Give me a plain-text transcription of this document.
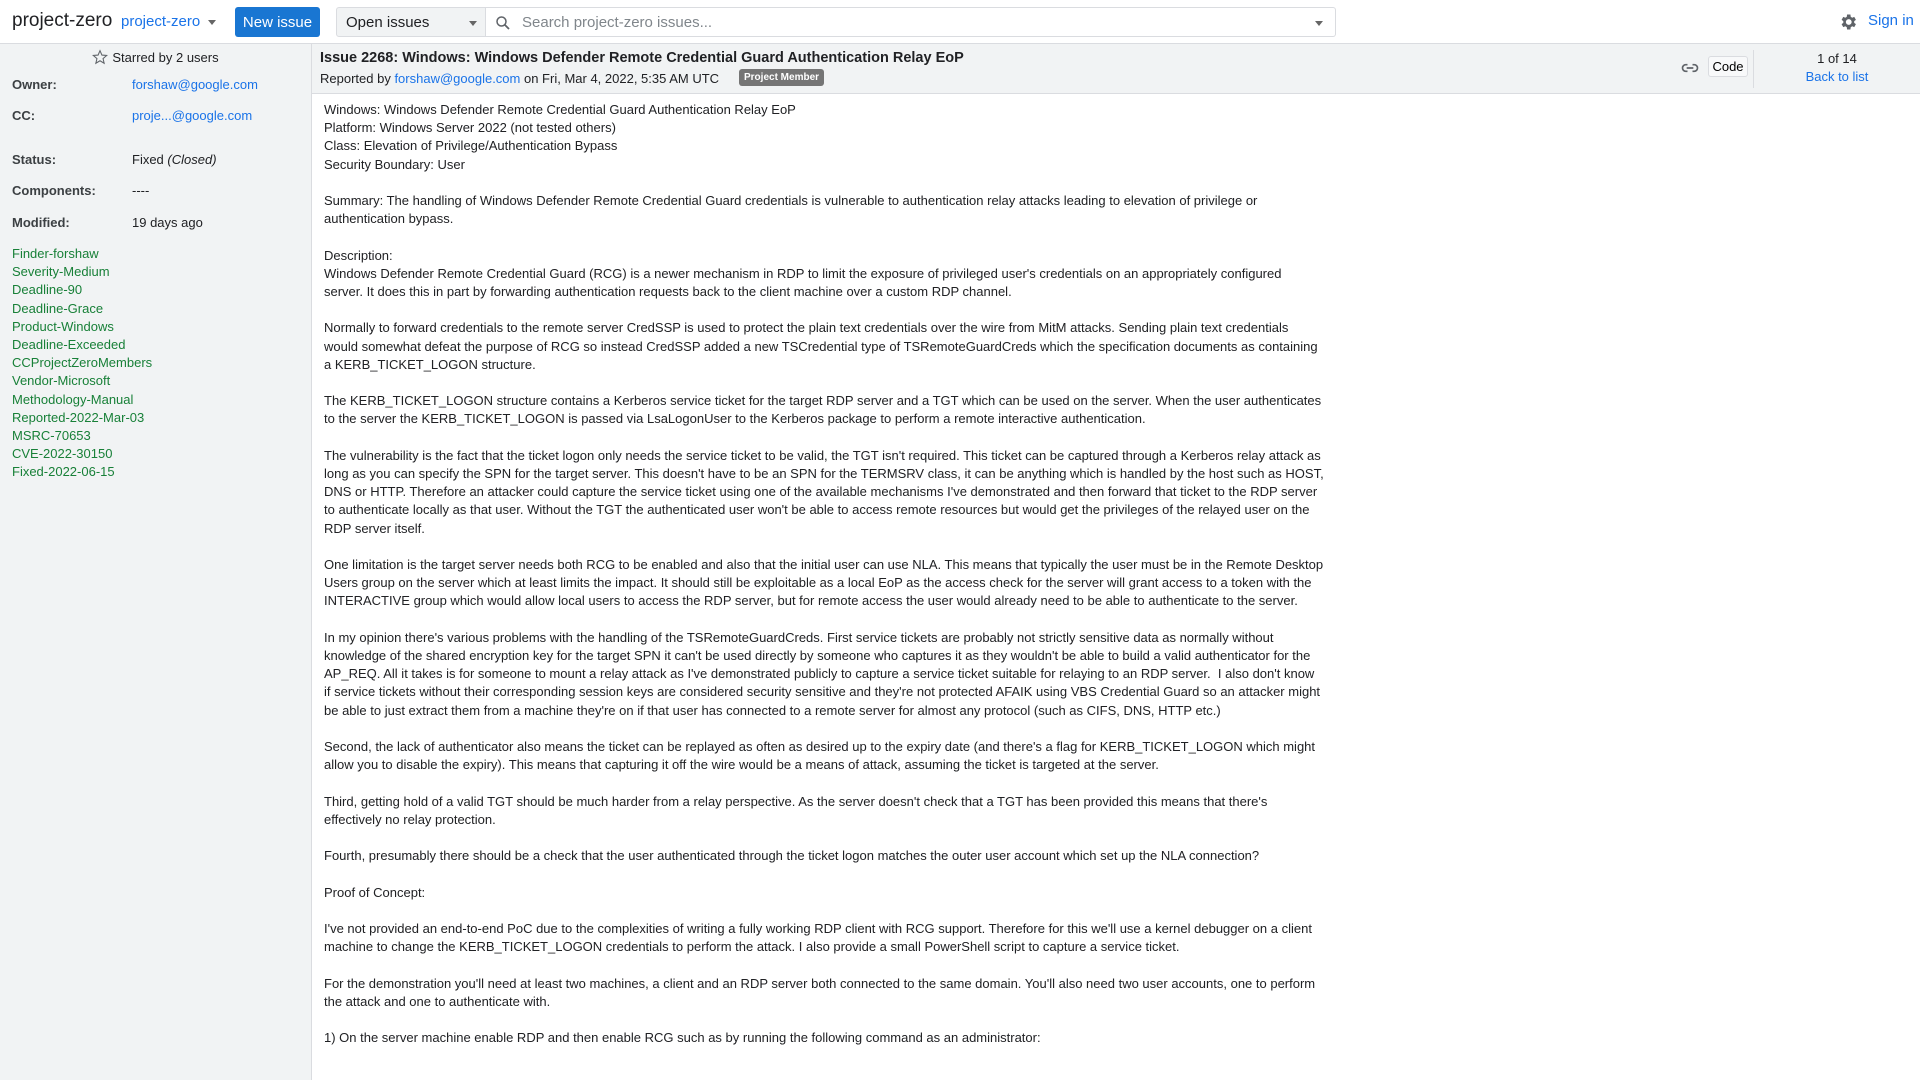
project-zero project-zero	New issue	Open issues
Search project-zero issues...	Sign in
Starred by 2 users
Owner:	forshaw@google.com
CC:	proje...@google.com
Status:	Fixed (Closed)
Components:	----
Modified:	19 days ago
Finder-forshaw
Severity-Medium
Deadline-90
Deadline-Grace
Product-Windows
Deadline-Exceeded
CCProjectZeroMembers
Vendor-Microsoft
Methodology-Manual
Reported-2022-Mar-03
MSRC-70653
CVE-2022-30150
Fixed-2022-06-15
Issue 2268: Windows: Windows Defender Remote Credential Guard Authentication Relay EoP
Reported by forshaw@google.com on Fri, Mar 4, 2022, 5:35 AM UTC	Project Member
Code
1 of 14
Back to list

Windows: Windows Defender Remote Credential Guard Authentication Relay EoP
Platform: Windows Server 2022 (not tested others)
Class: Elevation of Privilege/Authentication Bypass
Security Boundary: User

Summary: The handling of Windows Defender Remote Credential Guard credentials is vulnerable to authentication relay attacks leading to elevation of privilege or authentication bypass.

Description:
Windows Defender Remote Credential Guard (RCG) is a newer mechanism in RDP to limit the exposure of privileged user's credentials on an appropriately configured server. It does this in part by forwarding authentication requests back to the client machine over a custom RDP channel.

Normally to forward credentials to the remote server CredSSP is used to protect the plain text credentials over the wire from MitM attacks. Sending plain text credentials would somewhat defeat the purpose of RCG so instead CredSSP added a new TSCredential type of TSRemoteGuardCreds which the specification documents as containing a KERB_TICKET_LOGON structure.

The KERB_TICKET_LOGON structure contains a Kerberos service ticket for the target RDP server and a TGT which can be used on the server. When the user authenticates to the server the KERB_TICKET_LOGON is passed via LsaLogonUser to the Kerberos package to perform a remote interactive authentication.

The vulnerability is the fact that the ticket logon only needs the service ticket to be valid, the TGT isn't required. This ticket can be captured through a Kerberos relay attack as long as you can specify the SPN for the target server. This doesn't have to be an SPN for the TERMSRV class, it can be anything which is handled by the host such as HOST, DNS or HTTP. Therefore an attacker could capture the service ticket using one of the available mechanisms I've demonstrated and then forward that ticket to the RDP server to authenticate locally as that user. Without the TGT the authenticated user won't be able to access remote resources but would get the privileges of the relayed user on the RDP server itself.

One limitation is the target server needs both RCG to be enabled and also that the initial user can use NLA. This means that typically the user must be in the Remote Desktop Users group on the server which at least limits the impact. It should still be exploitable as a local EoP as the access check for the server will grant access to a token with the INTERACTIVE group which would allow local users to access the RDP server, but for remote access the user would already need to be able to authenticate to the server.

In my opinion there's various problems with the handling of the TSRemoteGuardCreds. First service tickets are probably not strictly sensitive data as normally without knowledge of the shared encryption key for the target SPN it can't be used directly by someone who captures it as they wouldn't be able to build a valid authenticator for the AP_REQ. All it takes is for someone to mount a relay attack as I've demonstrated publicly to capture a service ticket suitable for relaying to an RDP server.  I also don't know if service tickets without their corresponding session keys are considered security sensitive and they're not protected AFAIK using VBS Credential Guard so an attacker might be able to just extract them from a machine they're on if that user has connected to a remote server for almost any protocol (such as CIFS, DNS, HTTP etc.)

Second, the lack of authenticator also means the ticket can be replayed as often as desired up to the expiry date (and there's a flag for KERB_TICKET_LOGON which might allow you to disable the expiry). This means that capturing it off the wire would be a means of attack, assuming the ticket is targeted at the server.

Third, getting hold of a valid TGT should be much harder from a relay perspective. As the server doesn't check that a TGT has been provided this means that there's effectively no relay protection.

Fourth, presumably there should be a check that the user authenticated through the ticket logon matches the outer user account which set up the NLA connection?

Proof of Concept:

I've not provided an end-to-end PoC due to the complexities of writing a fully working RDP client with RCG support. Therefore for this we'll use a kernel debugger on a client machine to change the KERB_TICKET_LOGON credentials to perform the attack. I also provide a small PowerShell script to capture a service ticket.

For the demonstration you'll need at least two machines, a client and an RDP server both connected to the same domain. You'll also need two user accounts, one to perform the attack and one to authenticate with.

1) On the server machine enable RDP and then enable RCG such as by running the following command as an administrator:
